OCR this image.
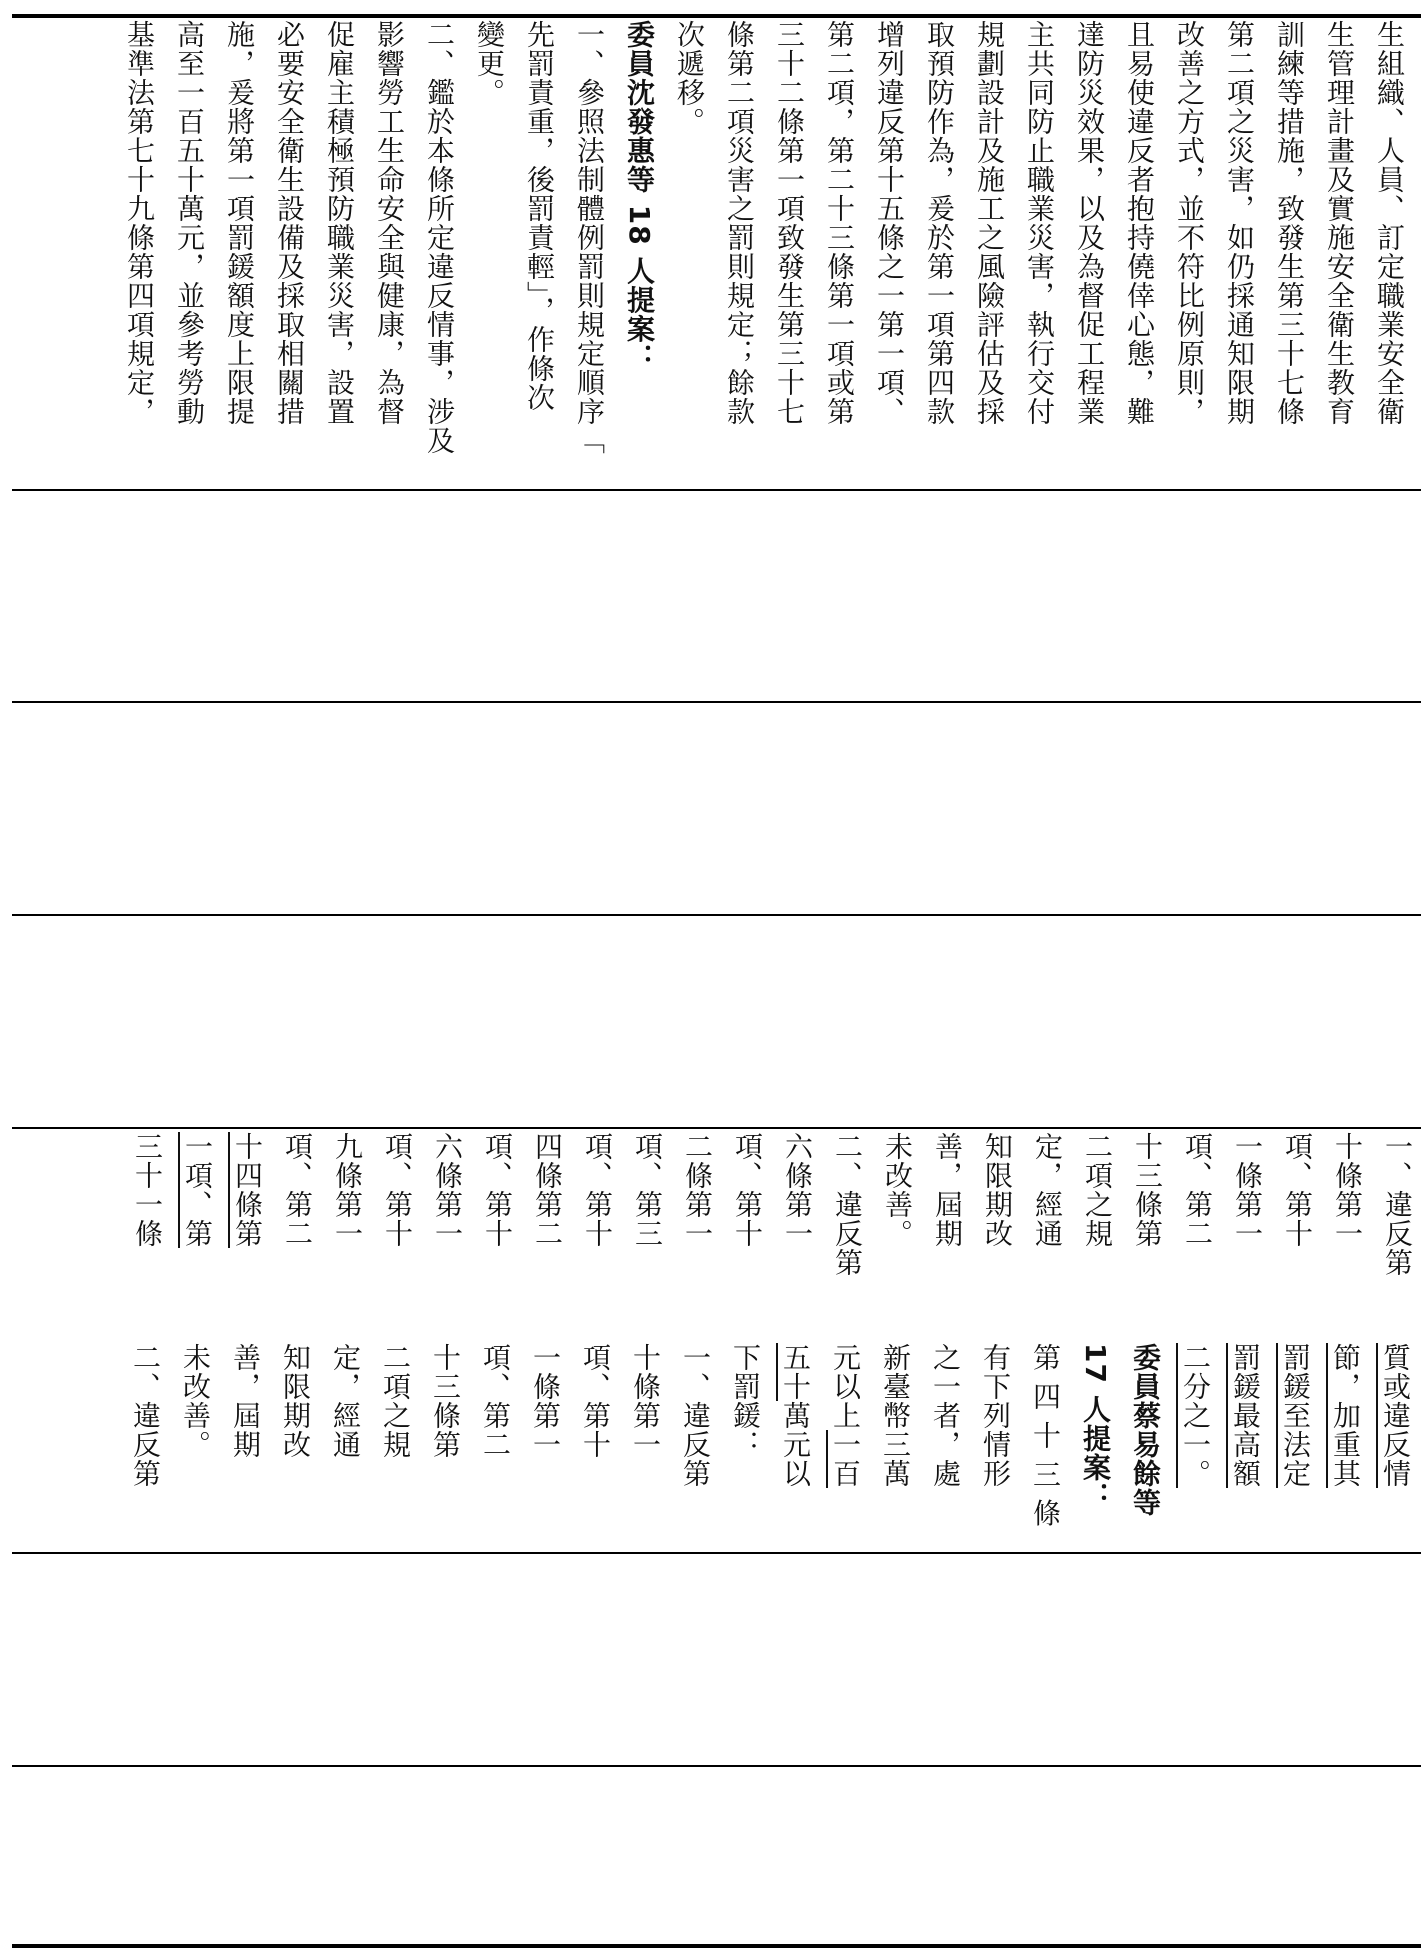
生組織、人員、訂定職業安全衛
生管理計畫及實施安全衛生教育
訓練等措施，致發生第三十七條
第二項之災害，如仍採通知限期
改善之方式，並不符比例原則，
且易使違反者抱持僥倖心態，難
達防災效果，以及為督促工程業
主共同防止職業災害，執行交付
規劃設計及施工之風險評估及採
取預防作為，爰於第一項第四款
增列違反第十五條之一第一項、
第二項，第二十三條第一項或第
三十二條第一項致發生第三十七
條第二項災害之罰則規定；餘款
次遞移。
委員沈發惠等 18 人提案：
一、參照法制體例罰則規定順序「
先罰責重，後罰責輕」，作條次
變更。
二、鑑於本條所定違反情事，涉及
影響勞工生命安全與健康，為督
促雇主積極預防職業災害，設置
必要安全衛生設備及採取相關措
施，爰將第一項罰鍰額度上限提
高至一百五十萬元，並參考勞動
基準法第七十九條第四項規定，
一、違反第
十條第一
項、第十
一條第一
項、第二
十三條第
二項之規
定，經通
知限期改
善，屆期
未改善。
二、違反第
六條第一
項、第十
二條第一
項、第三
項、第十
四條第二
項、第十
六條第一
項、第十
九條第一
項、第二
十四條第
一項、第
三十一條
質或違反情
節，加重其
罰鍰至法定
罰鍰最高額
二分之一。
委員蔡易餘等
17 人提案：
第 四 十 三 條
有下列情形
之一者，處
新臺幣三萬
元以上一百
五十萬元以
下罰鍰：
一、違反第
十條第一
項、第十
一條第一
項、第二
十三條第
二項之規
定，經通
知限期改
善，屆期
未改善。
二、違反第
